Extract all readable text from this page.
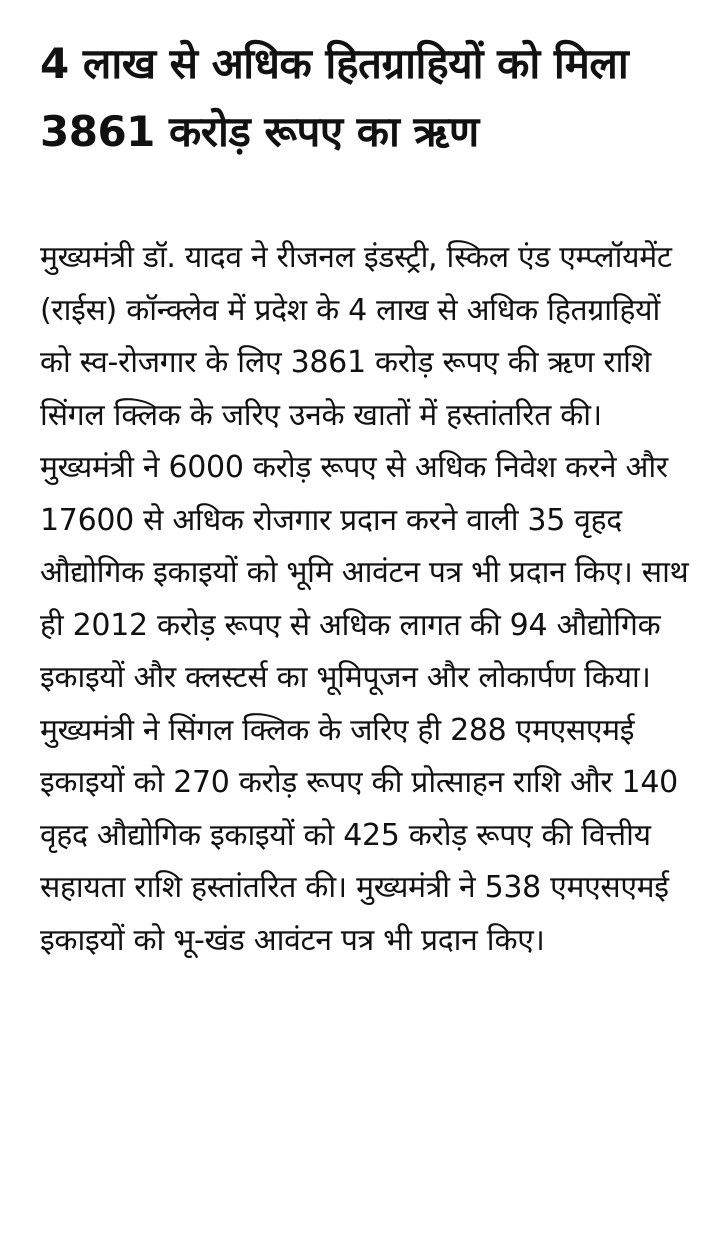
4 लाख से अधिक हितग्राहियों को मिला 3861 करोड़ रूपए का ऋण

मुख्यमंत्री डॉ. यादव ने रीजनल इंडस्ट्री, स्किल एंड एम्प्लॉयमेंट (राईस) कॉन्क्लेव में प्रदेश के 4 लाख से अधिक हितग्राहियों को स्व-रोजगार के लिए 3861 करोड़ रूपए की ऋण राशि सिंगल क्लिक के जरिए उनके खातों में हस्तांतरित की। मुख्यमंत्री ने 6000 करोड़ रूपए से अधिक निवेश करने और 17600 से अधिक रोजगार प्रदान करने वाली 35 वृहद औद्योगिक इकाइयों को भूमि आवंटन पत्र भी प्रदान किए। साथ ही 2012 करोड़ रूपए से अधिक लागत की 94 औद्योगिक इकाइयों और क्लस्टर्स का भूमिपूजन और लोकार्पण किया। मुख्यमंत्री ने सिंगल क्लिक के जरिए ही 288 एमएसएमई इकाइयों को 270 करोड़ रूपए की प्रोत्साहन राशि और 140 वृहद औद्योगिक इकाइयों को 425 करोड़ रूपए की वित्तीय सहायता राशि हस्तांतरित की। मुख्यमंत्री ने 538 एमएसएमई इकाइयों को भू-खंड आवंटन पत्र भी प्रदान किए।
